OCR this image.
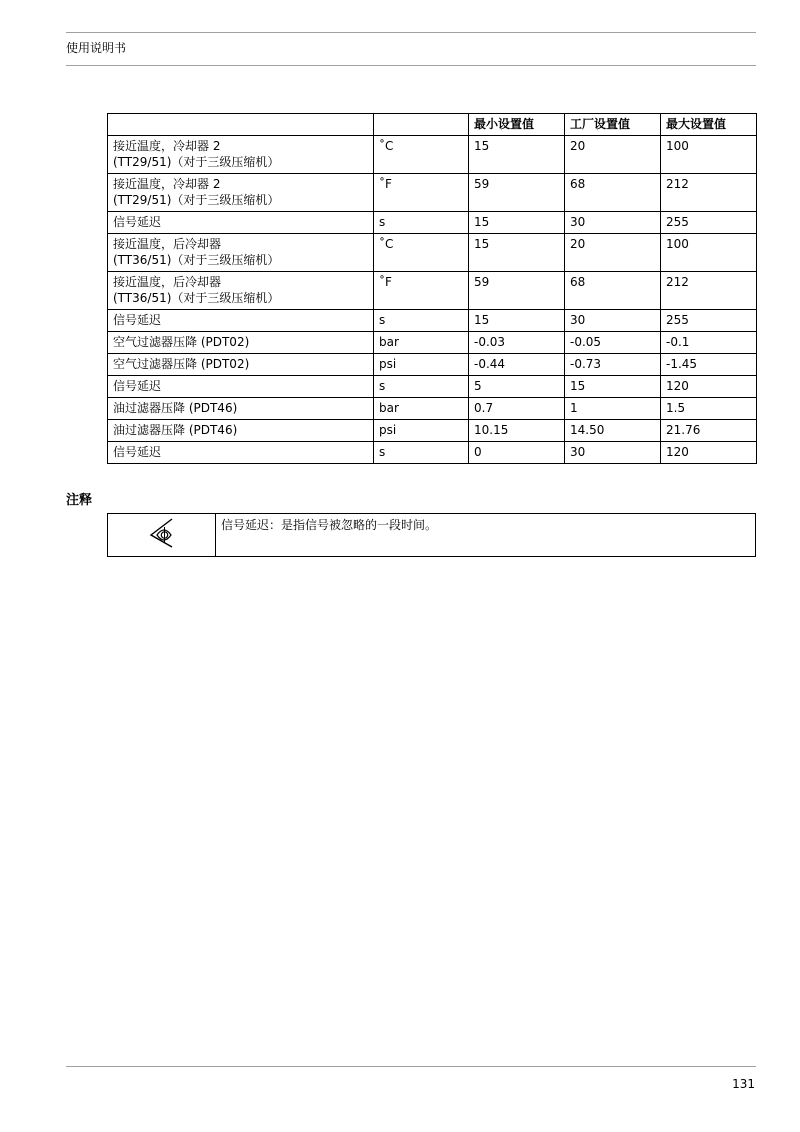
使用说明书
		最小设置值	工厂设置值	最大设置值

接近温度，冷却器 2
(TT29/51)（对于三级压缩机）	˚C	15	20	100

接近温度，冷却器 2
(TT29/51)（对于三级压缩机）	˚F	59	68	212

信号延迟	s	15	30	255

接近温度，后冷却器
(TT36/51)（对于三级压缩机）	˚C	15	20	100

接近温度，后冷却器
(TT36/51)（对于三级压缩机）	˚F	59	68	212

信号延迟	s	15	30	255

空气过滤器压降 (PDT02)	bar	-0.03	-0.05	-0.1

空气过滤器压降 (PDT02)	psi	-0.44	-0.73	-1.45

信号延迟	s	5	15	120

油过滤器压降 (PDT46)	bar	0.7	1	1.5

油过滤器压降 (PDT46)	psi	10.15	14.50	21.76

信号延迟	s	0	30	120
注释
	信号延迟：是指信号被忽略的一段时间。
131
